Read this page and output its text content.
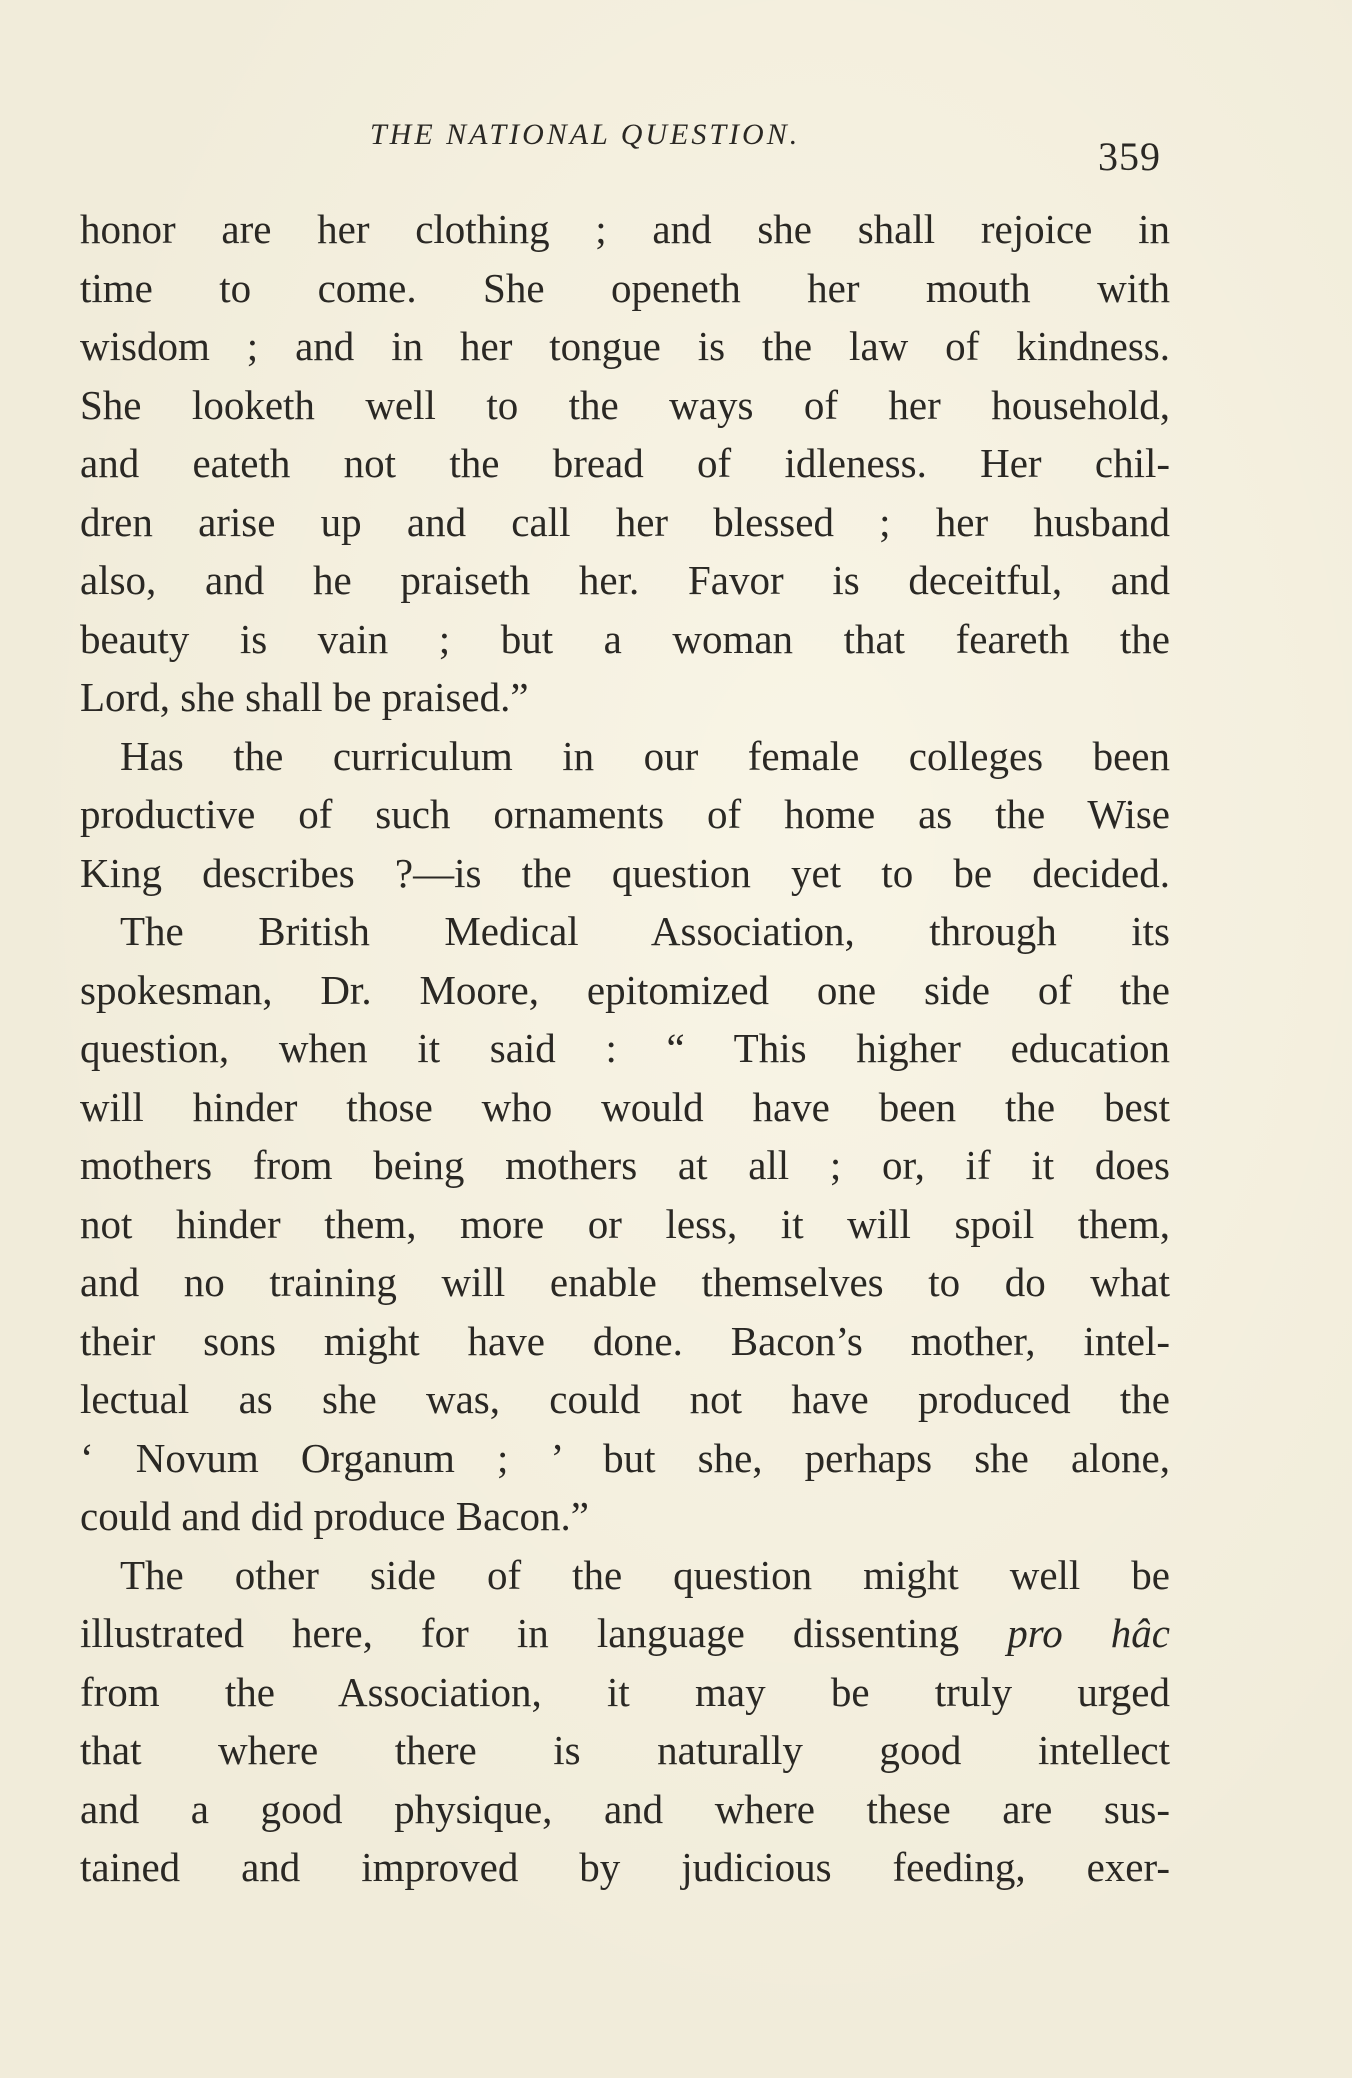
THE NATIONAL QUESTION.	359
honor are her clothing ; and she shall rejoice in
time to come. She openeth her mouth with
wisdom ; and in her tongue is the law of kindness.
She looketh well to the ways of her household,
and eateth not the bread of idleness. Her chil-
dren arise up and call her blessed ; her husband
also, and he praiseth her. Favor is deceitful, and
beauty is vain ; but a woman that feareth the
Lord, she shall be praised.”
Has the curriculum in our female colleges been
productive of such ornaments of home as the Wise
King describes ?—is the question yet to be decided.
The British Medical Association, through its
spokesman, Dr. Moore, epitomized one side of the
question, when it said : “ This higher education
will hinder those who would have been the best
mothers from being mothers at all ; or, if it does
not hinder them, more or less, it will spoil them,
and no training will enable themselves to do what
their sons might have done. Bacon’s mother, intel-
lectual as she was, could not have produced the
‘ Novum Organum ; ’ but she, perhaps she alone,
could and did produce Bacon.”
The other side of the question might well be
illustrated here, for in language dissenting pro hâc
from the Association, it may be truly urged
that where there is naturally good intellect
and a good physique, and where these are sus-
tained and improved by judicious feeding, exer-
